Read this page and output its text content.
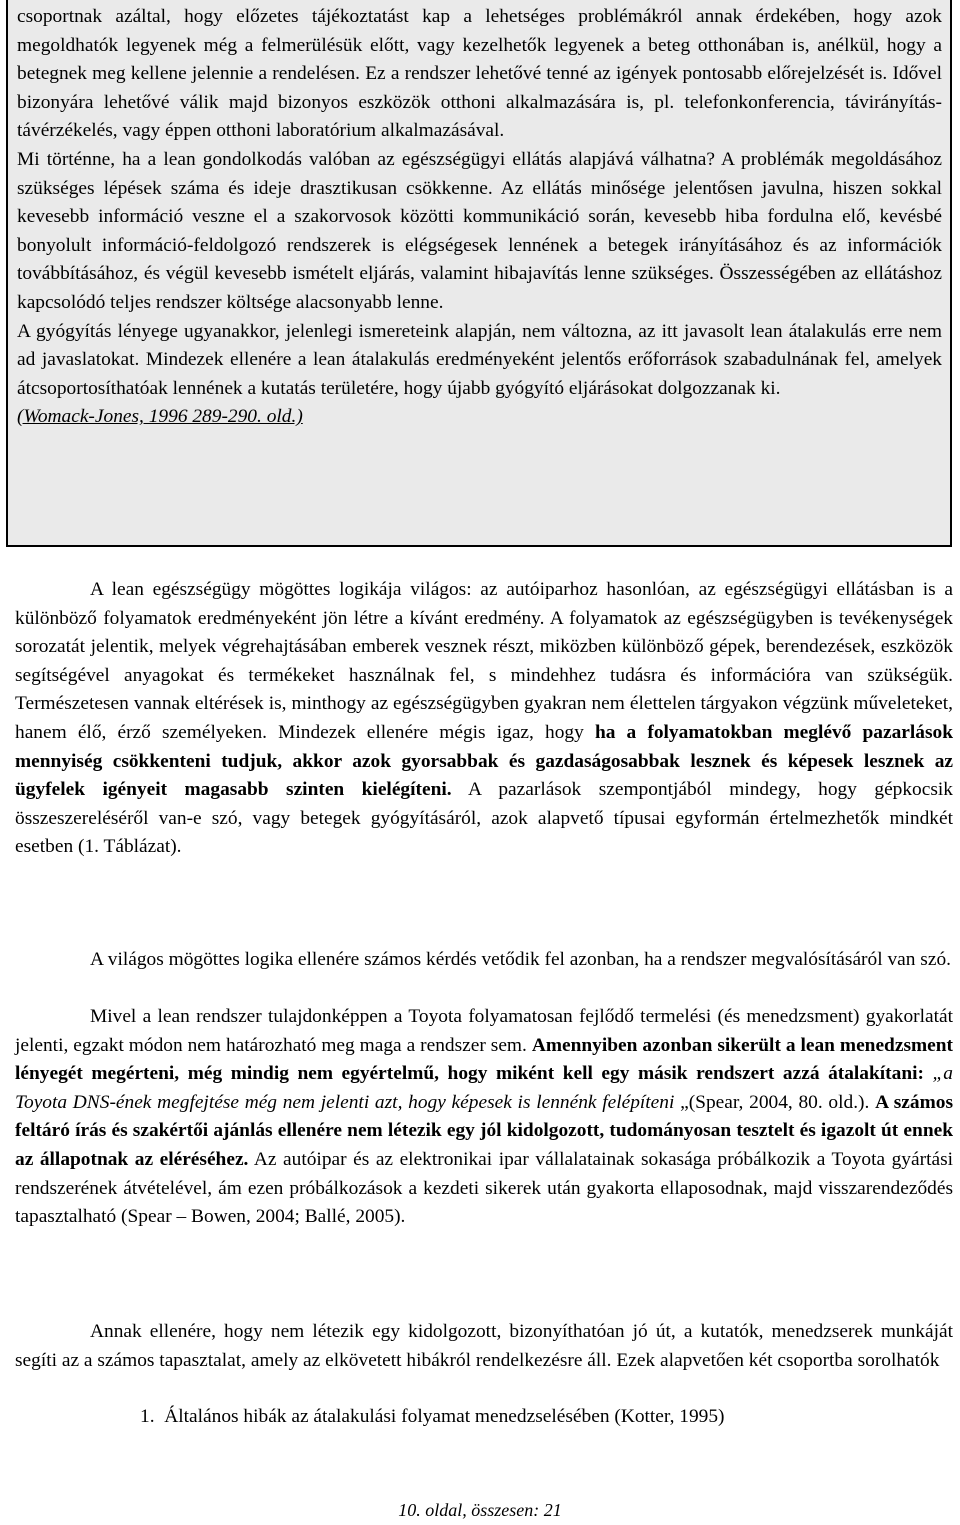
csoportnak azáltal, hogy előzetes tájékoztatást kap a lehetséges problémákról annak érdekében, hogy azok megoldhatók legyenek még a felmerülésük előtt, vagy kezelhetők legyenek a beteg otthonában is, anélkül, hogy a betegnek meg kellene jelennie a rendelésen. Ez a rendszer lehetővé tenné az igények pontosabb előrejelzését is. Idővel bizonyára lehetővé válik majd bizonyos eszközök otthoni alkalmazására is, pl. telefonkonferencia, távirányítás-távérzékelés, vagy éppen otthoni laboratórium alkalmazásával.

Mi történne, ha a lean gondolkodás valóban az egészségügyi ellátás alapjává válhatna? A problémák megoldásához szükséges lépések száma és ideje drasztikusan csökkenne. Az ellátás minősége jelentősen javulna, hiszen sokkal kevesebb információ veszne el a szakorvosok közötti kommunikáció során, kevesebb hiba fordulna elő, kevésbé bonyolult információ-feldolgozó rendszerek is elégségesek lennének a betegek irányításához és az információk továbbításához, és végül kevesebb ismételt eljárás, valamint hibajavítás lenne szükséges. Összességében az ellátáshoz kapcsolódó teljes rendszer költsége alacsonyabb lenne.

A gyógyítás lényege ugyanakkor, jelenlegi ismereteink alapján, nem változna, az itt javasolt lean átalakulás erre nem ad javaslatokat. Mindezek ellenére a lean átalakulás eredményeként jelentős erőforrások szabadulnának fel, amelyek átcsoportosíthatóak lennének a kutatás területére, hogy újabb gyógyító eljárásokat dolgozzanak ki.

(Womack-Jones, 1996 289-290. old.)

A lean egészségügy mögöttes logikája világos: az autóiparhoz hasonlóan, az egészségügyi ellátásban is a különböző folyamatok eredményeként jön létre a kívánt eredmény. A folyamatok az egészségügyben is tevékenységek sorozatát jelentik, melyek végrehajtásában emberek vesznek részt, miközben különböző gépek, berendezések, eszközök segítségével anyagokat és termékeket használnak fel, s mindehhez tudásra és információra van szükségük. Természetesen vannak eltérések is, minthogy az egészségügyben gyakran nem élettelen tárgyakon végzünk műveleteket, hanem élő, érző személyeken. Mindezek ellenére mégis igaz, hogy ha a folyamatokban meglévő pazarlások mennyiség csökkenteni tudjuk, akkor azok gyorsabbak és gazdaságosabbak lesznek és képesek lesznek az ügyfelek igényeit magasabb szinten kielégíteni. A pazarlások szempontjából mindegy, hogy gépkocsik összeszereléséről van-e szó, vagy betegek gyógyításáról, azok alapvető típusai egyformán értelmezhetők mindkét esetben (1. Táblázat).

A világos mögöttes logika ellenére számos kérdés vetődik fel azonban, ha a rendszer megvalósításáról van szó.

Mivel a lean rendszer tulajdonképpen a Toyota folyamatosan fejlődő termelési (és menedzsment) gyakorlatát jelenti, egzakt módon nem határozható meg maga a rendszer sem. Amennyiben azonban sikerült a lean menedzsment lényegét megérteni, még mindig nem egyértelmű, hogy miként kell egy másik rendszert azzá átalakítani: „a Toyota DNS-ének megfejtése még nem jelenti azt, hogy képesek is lennénk felépíteni „(Spear, 2004, 80. old.). A számos feltáró írás és szakértői ajánlás ellenére nem létezik egy jól kidolgozott, tudományosan tesztelt és igazolt út ennek az állapotnak az eléréséhez. Az autóipar és az elektronikai ipar vállalatainak sokasága próbálkozik a Toyota gyártási rendszerének átvételével, ám ezen próbálkozások a kezdeti sikerek után gyakorta ellaposodnak, majd visszarendeződés tapasztalható (Spear – Bowen, 2004; Ballé, 2005).

Annak ellenére, hogy nem létezik egy kidolgozott, bizonyíthatóan jó út, a kutatók, menedzserek munkáját segíti az a számos tapasztalat, amely az elkövetett hibákról rendelkezésre áll. Ezek alapvetően két csoportba sorolhatók

1. Általános hibák az átalakulási folyamat menedzselésében (Kotter, 1995)
10. oldal, összesen: 21
